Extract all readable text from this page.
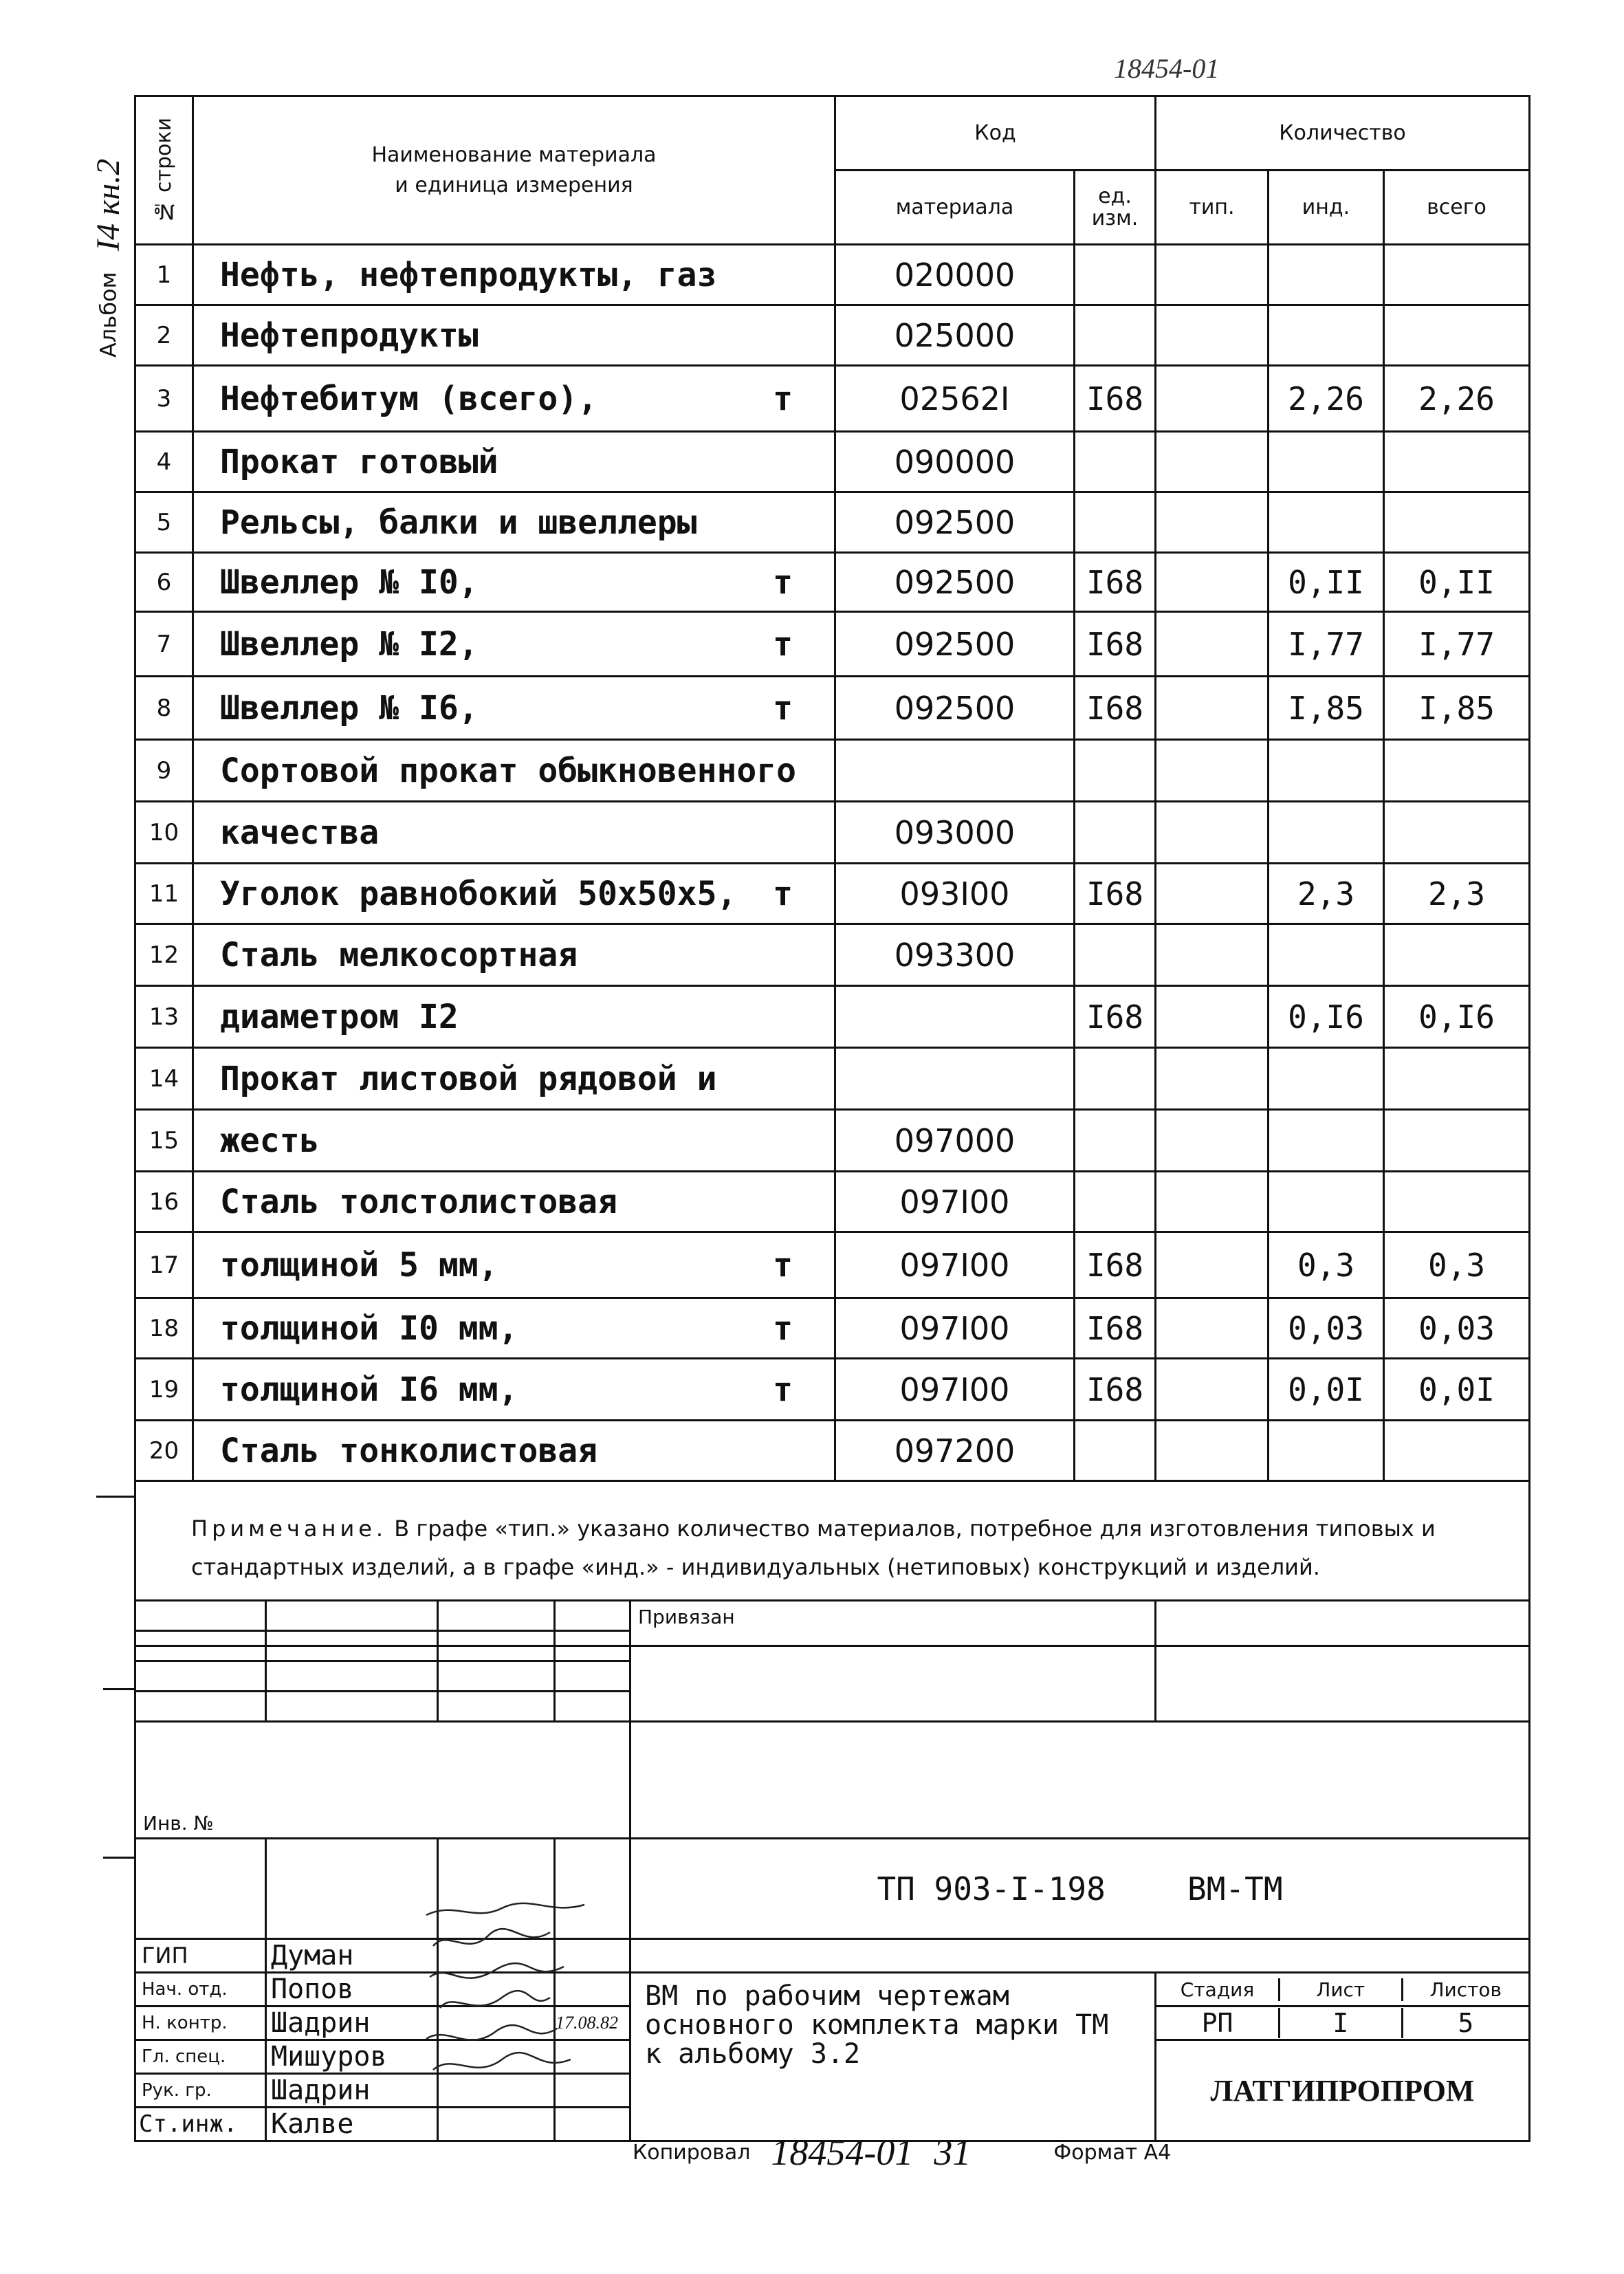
18454-01
Альбом
I4 кн.2 № строки	Наименование материала
и единица измерения	Код		Количество		
		материала	ед.
изм.	тип.	инд.	всего
1	Нефть, нефтепродукты, газ	020000				
2	Нефтепродукты	025000				
3	Нефтебитум (всего), т	02562I	I68		2,26	2,26
4	Прокат готовый	090000				
5	Рельсы, балки и швеллеры	092500				
6	Швеллер № I0, т	092500	I68		0,II	0,II
7	Швеллер № I2, т	092500	I68		I,77	I,77
8	Швеллер № I6, т	092500	I68		I,85	I,85
9	Сортовой прокат обыкновенного					
10	качества	093000				
11	Уголок равнобокий 50х50х5, т	093I00	I68		2,3	2,3
12	Сталь мелкосортная	093300				
13	диаметром I2		I68		0,I6	0,I6
14	Прокат листовой рядовой и					
15	жесть	097000				
16	Сталь толстолистовая	097I00				
17	толщиной 5 мм, т	097I00	I68		0,3	0,3
18	толщиной I0 мм, т	097I00	I68		0,03	0,03
19	толщиной I6 мм, т	097I00	I68		0,0I	0,0I
20	Сталь тонколистовая	097200				
Примечание. В графе «тип.» указано количество материалов, потребное для изготовления типовых и стандартных изделий, а в графе «инд.» - индивидуальных (нетиповых) конструкций и изделий.						
				Привязан	

Инв. №	
				ТП 903-I-198	ВМ-ТМ
ГИП	Думан			
Нач. отд.	Попов			ВМ по рабочим чертежам основного комплекта марки ТМ к альбому 3.2

Стадия	Лист	Листов

Н. контр.	Шадрин		17.08.82		РП	I	5

Гл. спец.	Мишуров			ЛАТГИПРОПРОМ
Рук. гр.	Шадрин		
Ст.инж.	Калве		
Копировал 18454-01 31	Формат А4
